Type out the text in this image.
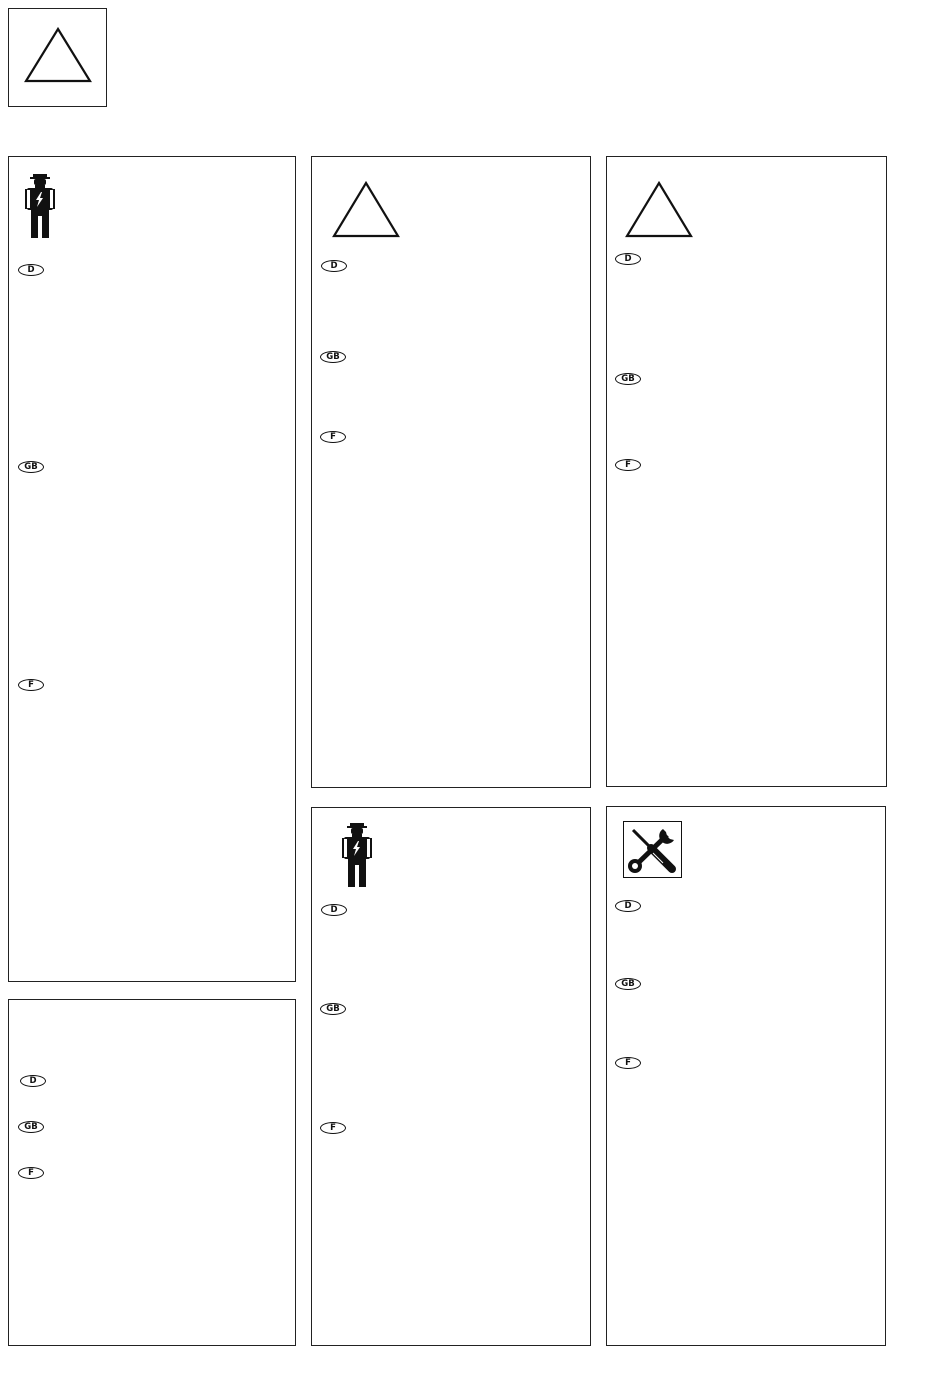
D
GB
F
D
GB
F
D
GB
F
D
GB
F
D
GB
F
D
GB
F
